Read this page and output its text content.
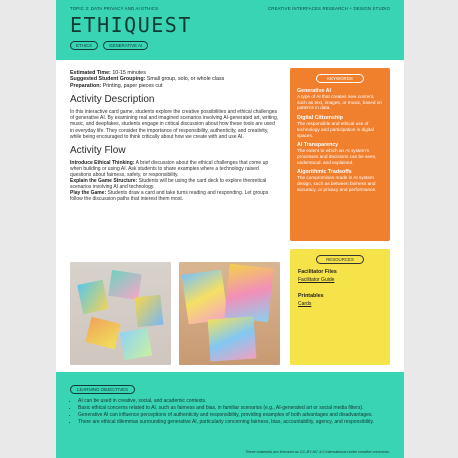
TOPIC 3: DATA PRIVACY AND AI ETHICS	CREATIVE INTERFACES RESEARCH + DESIGN STUDIO
ETHIQUEST
ETHICS	GENERATIVE AI
Estimated Time: 10-15 minutes
Suggested Student Grouping: Small group, solo, or whole class
Preparation: Printing, paper pieces cut
Activity Description

In this interactive card game, students explore the creative possibilities and ethical challenges of generative AI. By examining real and imagined scenarios involving AI-generated art, writing, music, and deepfakes, students engage in critical discussion about how these tools are used in everyday life. They consider the importance of responsibility, authenticity, and creativity, while being encouraged to think critically about how we create with and use AI.

Activity Flow

Introduce Ethical Thinking: A brief discussion about the ethical challenges that come up when building or using AI. Ask students to share examples where a technology raised questions about fairness, safety, or responsibility.

Explain the Game Structure: Students will be using the card deck to explore theoretical scenarios involving AI and technology.

Play the Game: Students draw a card and take turns reading and responding. Let groups follow the discussion paths that interest them most.

KEYWORDS
Generative AI
A type of AI that creates new content, such as text, images, or music, based on patterns in data.
Digital Citizenship
The responsible and ethical use of technology and participation in digital spaces.
AI Transparency
The extent to which an AI system's processes and decisions can be seen, understood, and explained.
Algorithmic Tradeoffs
The compromises made in AI system design, such as between fairness and accuracy, or privacy and performance.
RESOURCES
Facilitator Files
Facilitator Guide
Printables
Cards
LEARNING OBJECTIVES
• AI can be used in creative, social, and academic contexts.
• Basic ethical concerns related to AI, such as fairness and bias, in familiar scenarios (e.g., AI-generated art or social media filters).
• Generative AI can influence perceptions of authenticity and responsibility, providing examples of both advantages and disadvantages.
• There are ethical dilemmas surrounding generative AI, particularly concerning fairness, bias, accountability, agency, and responsibility.
These materials are licensed as CC-BY-NC 4.0 International under creative commons.
